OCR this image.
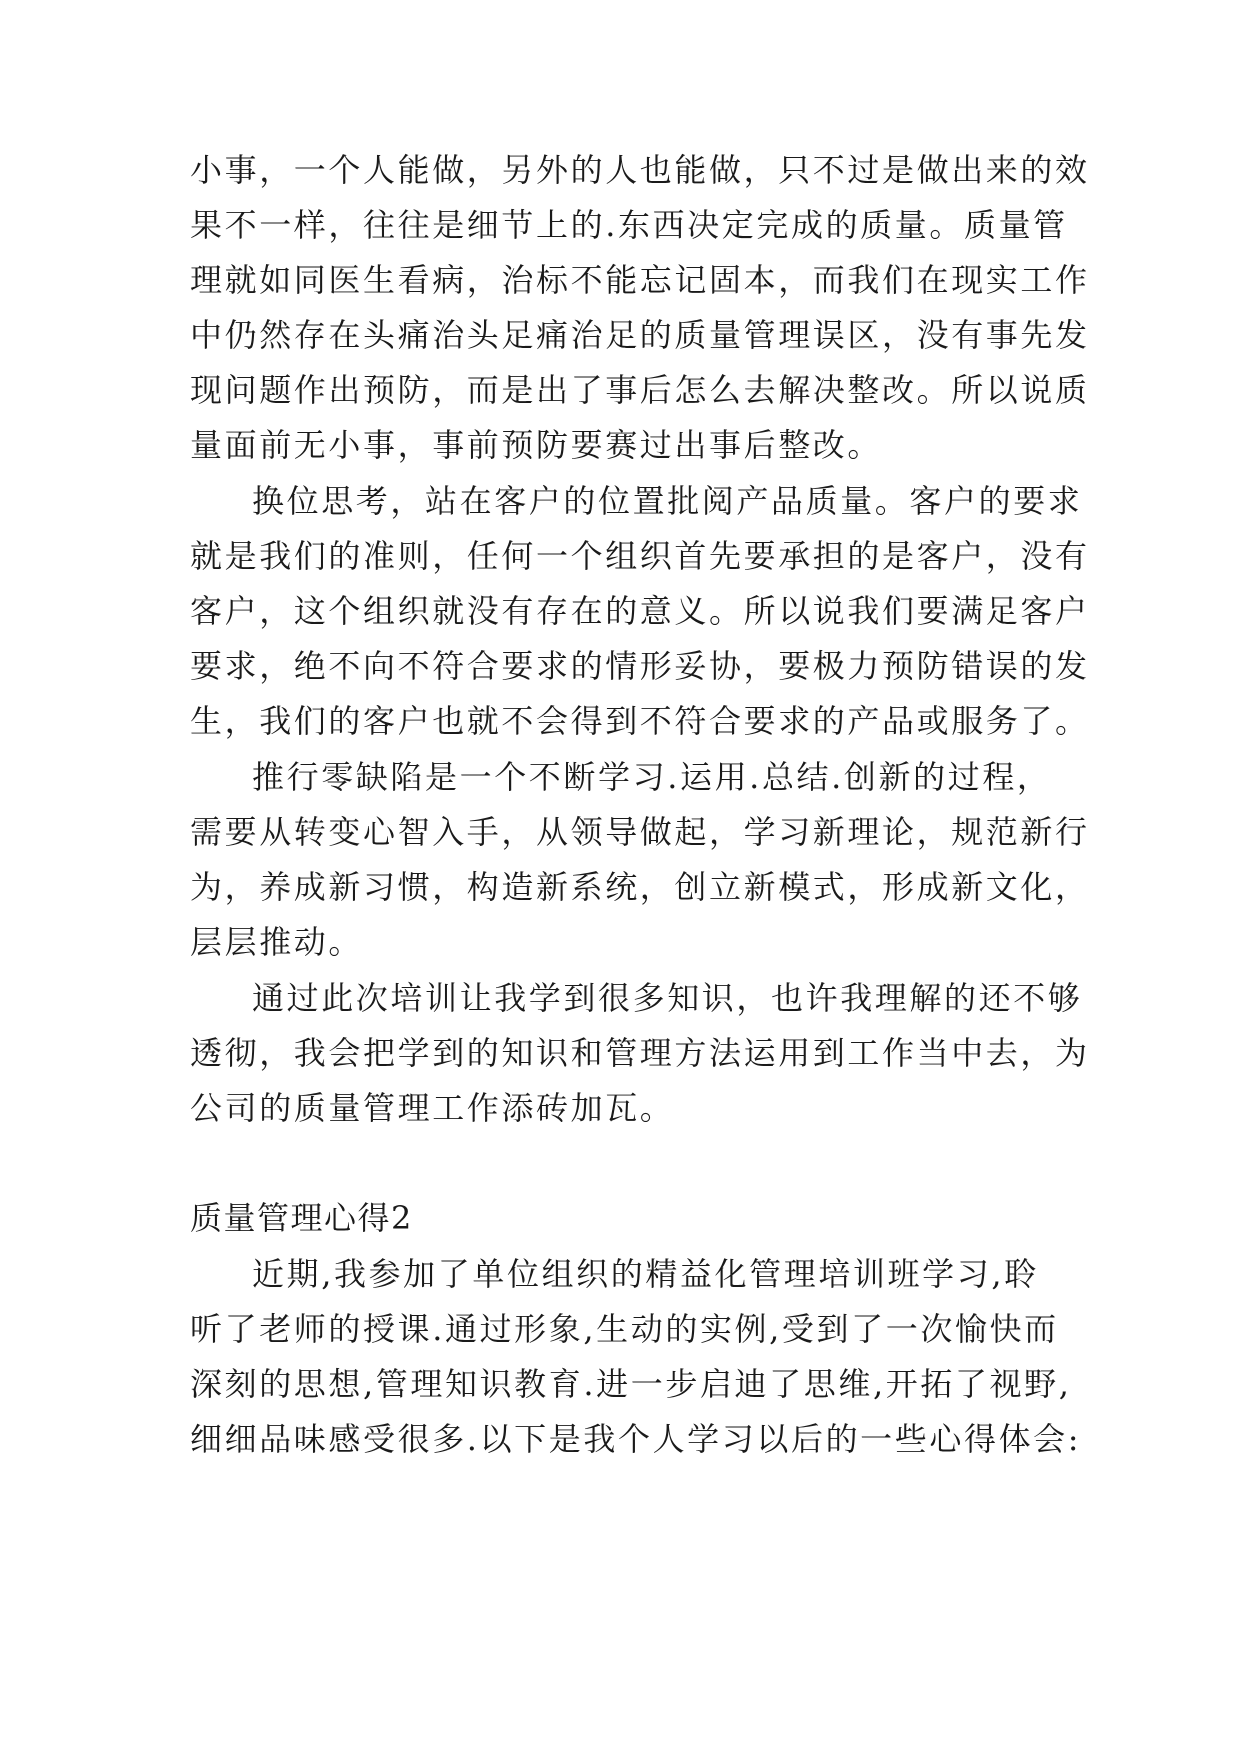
小事，一个人能做，另外的人也能做，只不过是做出来的效
果不一样，往往是细节上的.东西决定完成的质量。质量管
理就如同医生看病，治标不能忘记固本，而我们在现实工作
中仍然存在头痛治头足痛治足的质量管理误区，没有事先发
现问题作出预防，而是出了事后怎么去解决整改。所以说质
量面前无小事，事前预防要赛过出事后整改。
换位思考，站在客户的位置批阅产品质量。客户的要求
就是我们的准则，任何一个组织首先要承担的是客户，没有
客户，这个组织就没有存在的意义。所以说我们要满足客户
要求，绝不向不符合要求的情形妥协，要极力预防错误的发
生，我们的客户也就不会得到不符合要求的产品或服务了。
推行零缺陷是一个不断学习.运用.总结.创新的过程，
需要从转变心智入手，从领导做起，学习新理论，规范新行
为，养成新习惯，构造新系统，创立新模式，形成新文化，
层层推动。
通过此次培训让我学到很多知识，也许我理解的还不够
透彻，我会把学到的知识和管理方法运用到工作当中去，为
公司的质量管理工作添砖加瓦。
质量管理心得2
近期,我参加了单位组织的精益化管理培训班学习,聆
听了老师的授课.通过形象,生动的实例,受到了一次愉快而
深刻的思想,管理知识教育.进一步启迪了思维,开拓了视野,
细细品味感受很多.以下是我个人学习以后的一些心得体会:
